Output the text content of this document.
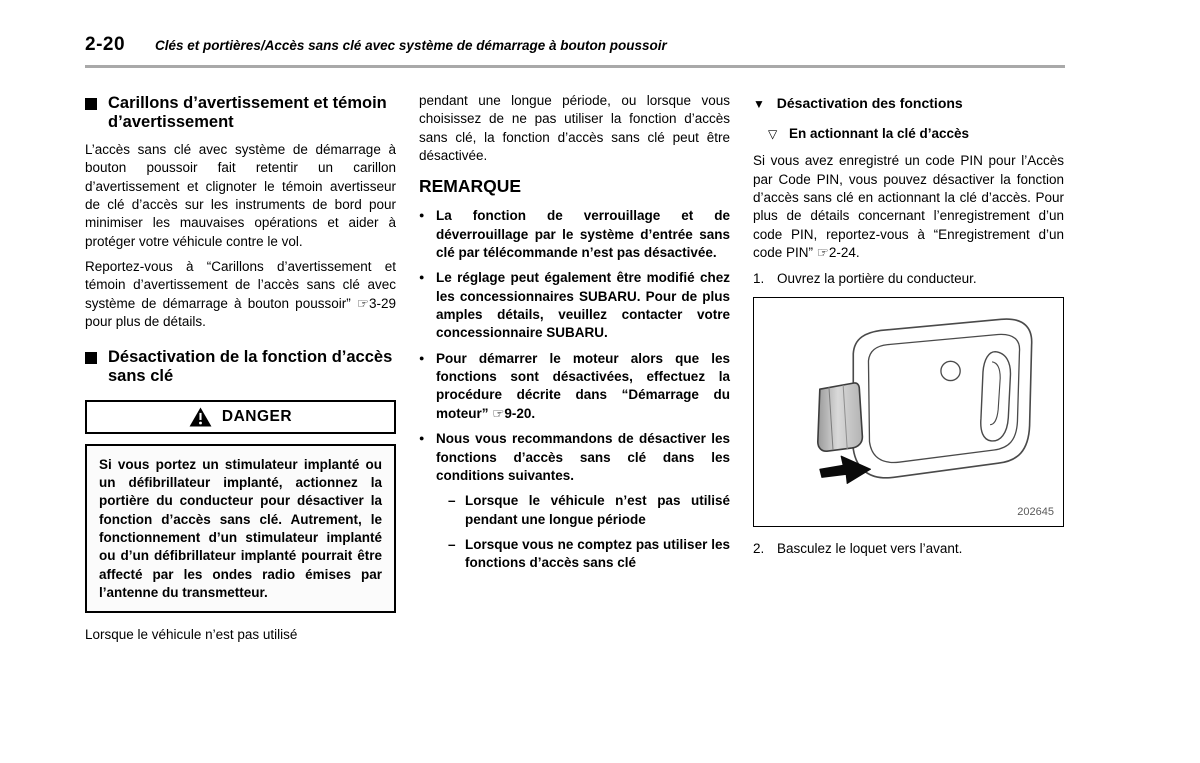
2-20 Clés et portières/Accès sans clé avec système de démarrage à bouton poussoir
Carillons d’avertissement et témoin d’avertissement

L’accès sans clé avec système de démarrage à bouton poussoir fait retentir un carillon d’avertissement et clignoter le témoin avertisseur de clé d’accès sur les instruments de bord pour minimiser les mauvaises opérations et aider à protéger votre véhicule contre le vol.

Reportez-vous à “Carillons d’avertissement et témoin d’avertissement de l’accès sans clé avec système de démarrage à bouton poussoir” ☞3-29 pour plus de détails.

Désactivation de la fonction d’accès sans clé
DANGER
Si vous portez un stimulateur implanté ou un défibrillateur implanté, actionnez la portière du conducteur pour désactiver la fonction d’accès sans clé. Autrement, le fonctionnement d’un stimulateur implanté ou d’un défibrillateur implanté pourrait être affecté par les ondes radio émises par l’antenne du transmetteur.

Lorsque le véhicule n’est pas utilisé

pendant une longue période, ou lorsque vous choisissez de ne pas utiliser la fonction d’accès sans clé, la fonction d’accès sans clé peut être désactivée.

REMARQUE
● La fonction de verrouillage et de déverrouillage par le système d’entrée sans clé par télécommande n’est pas désactivée.
● Le réglage peut également être modifié chez les concessionnaires SUBARU. Pour de plus amples détails, veuillez contacter votre concessionnaire SUBARU.
● Pour démarrer le moteur alors que les fonctions sont désactivées, effectuez la procédure décrite dans “Démarrage du moteur” ☞9-20.
● Nous vous recommandons de désactiver les fonctions d’accès sans clé dans les conditions suivantes.
– Lorsque le véhicule n’est pas utilisé pendant une longue période
– Lorsque vous ne comptez pas utiliser les fonctions d’accès sans clé
▼ Désactivation des fonctions
▽ En actionnant la clé d’accès

Si vous avez enregistré un code PIN pour l’Accès par Code PIN, vous pouvez désactiver la fonction d’accès sans clé en actionnant la clé d’accès. Pour plus de détails concernant l’enregistrement d’un code PIN, reportez-vous à “Enregistrement d’un code PIN” ☞2-24.

1. Ouvrez la portière du conducteur.
202645
2. Basculez le loquet vers l’avant.
